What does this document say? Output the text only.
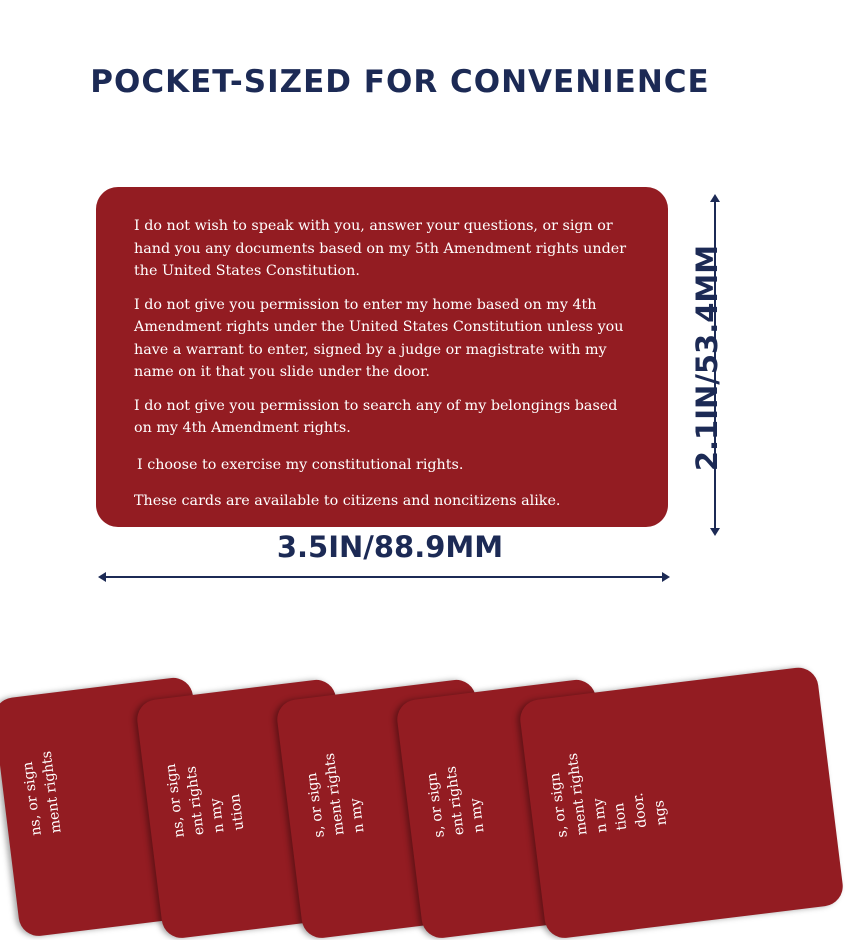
POCKET-SIZED FOR CONVENIENCE

I do not wish to speak with you, answer your questions, or sign or hand you any documents based on my 5th Amendment rights under the United States Constitution.

I do not give you permission to enter my home based on my 4th Amendment rights under the United States Constitution unless you have a warrant to enter, signed by a judge or magistrate with my name on it that you slide under the door.

I do not give you permission to search any of my belongings based on my 4th Amendment rights.

I choose to exercise my constitutional rights.

These cards are available to citizens and noncitizens alike.

3.5IN/88.9MM
2.1IN/53.4MM
ns, or sign
ment rights	ns, or sign
ent rights n my ution	s, or sign
ment rights n my	s, or sign
ent rights n my	s, or sign
ment rights n my tion door. ngs
